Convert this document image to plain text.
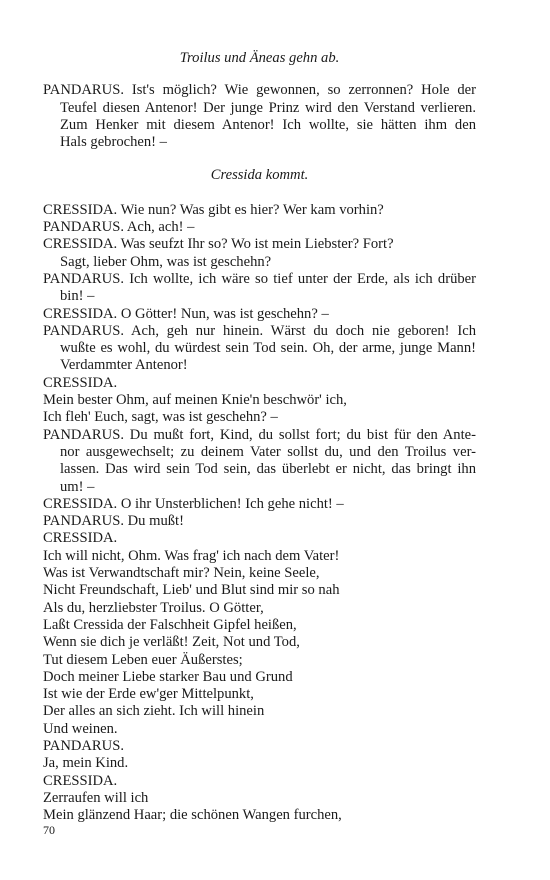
Troilus und Äneas gehn ab.

PANDARUS. Ist's möglich? Wie gewonnen, so zerronnen? Hole der
Teufel diesen Antenor! Der junge Prinz wird den Verstand verlieren.
Zum Henker mit diesem Antenor! Ich wollte, sie hätten ihm den
Hals gebrochen! –

Cressida kommt.

CRESSIDA. Wie nun? Was gibt es hier? Wer kam vorhin?
PANDARUS. Ach, ach! –
CRESSIDA. Was seufzt Ihr so? Wo ist mein Liebster? Fort?
Sagt, lieber Ohm, was ist geschehn?
PANDARUS. Ich wollte, ich wäre so tief unter der Erde, als ich drüber
bin! –
CRESSIDA. O Götter! Nun, was ist geschehn? –
PANDARUS. Ach, geh nur hinein. Wärst du doch nie geboren! Ich
wußte es wohl, du würdest sein Tod sein. Oh, der arme, junge Mann!
Verdammter Antenor!
CRESSIDA.
Mein bester Ohm, auf meinen Knie'n beschwör' ich,
Ich fleh' Euch, sagt, was ist geschehn? –
PANDARUS. Du mußt fort, Kind, du sollst fort; du bist für den Ante-
nor ausgewechselt; zu deinem Vater sollst du, und den Troilus ver-
lassen. Das wird sein Tod sein, das überlebt er nicht, das bringt ihn
um! –
CRESSIDA. O ihr Unsterblichen! Ich gehe nicht! –
PANDARUS. Du mußt!
CRESSIDA.
Ich will nicht, Ohm. Was frag' ich nach dem Vater!
Was ist Verwandtschaft mir? Nein, keine Seele,
Nicht Freundschaft, Lieb' und Blut sind mir so nah
Als du, herzliebster Troilus. O Götter,
Laßt Cressida der Falschheit Gipfel heißen,
Wenn sie dich je verläßt! Zeit, Not und Tod,
Tut diesem Leben euer Äußerstes;
Doch meiner Liebe starker Bau und Grund
Ist wie der Erde ew'ger Mittelpunkt,
Der alles an sich zieht. Ich will hinein
Und weinen.
PANDARUS.
Ja, mein Kind.
CRESSIDA.
Zerraufen will ich
Mein glänzend Haar; die schönen Wangen furchen,
70
